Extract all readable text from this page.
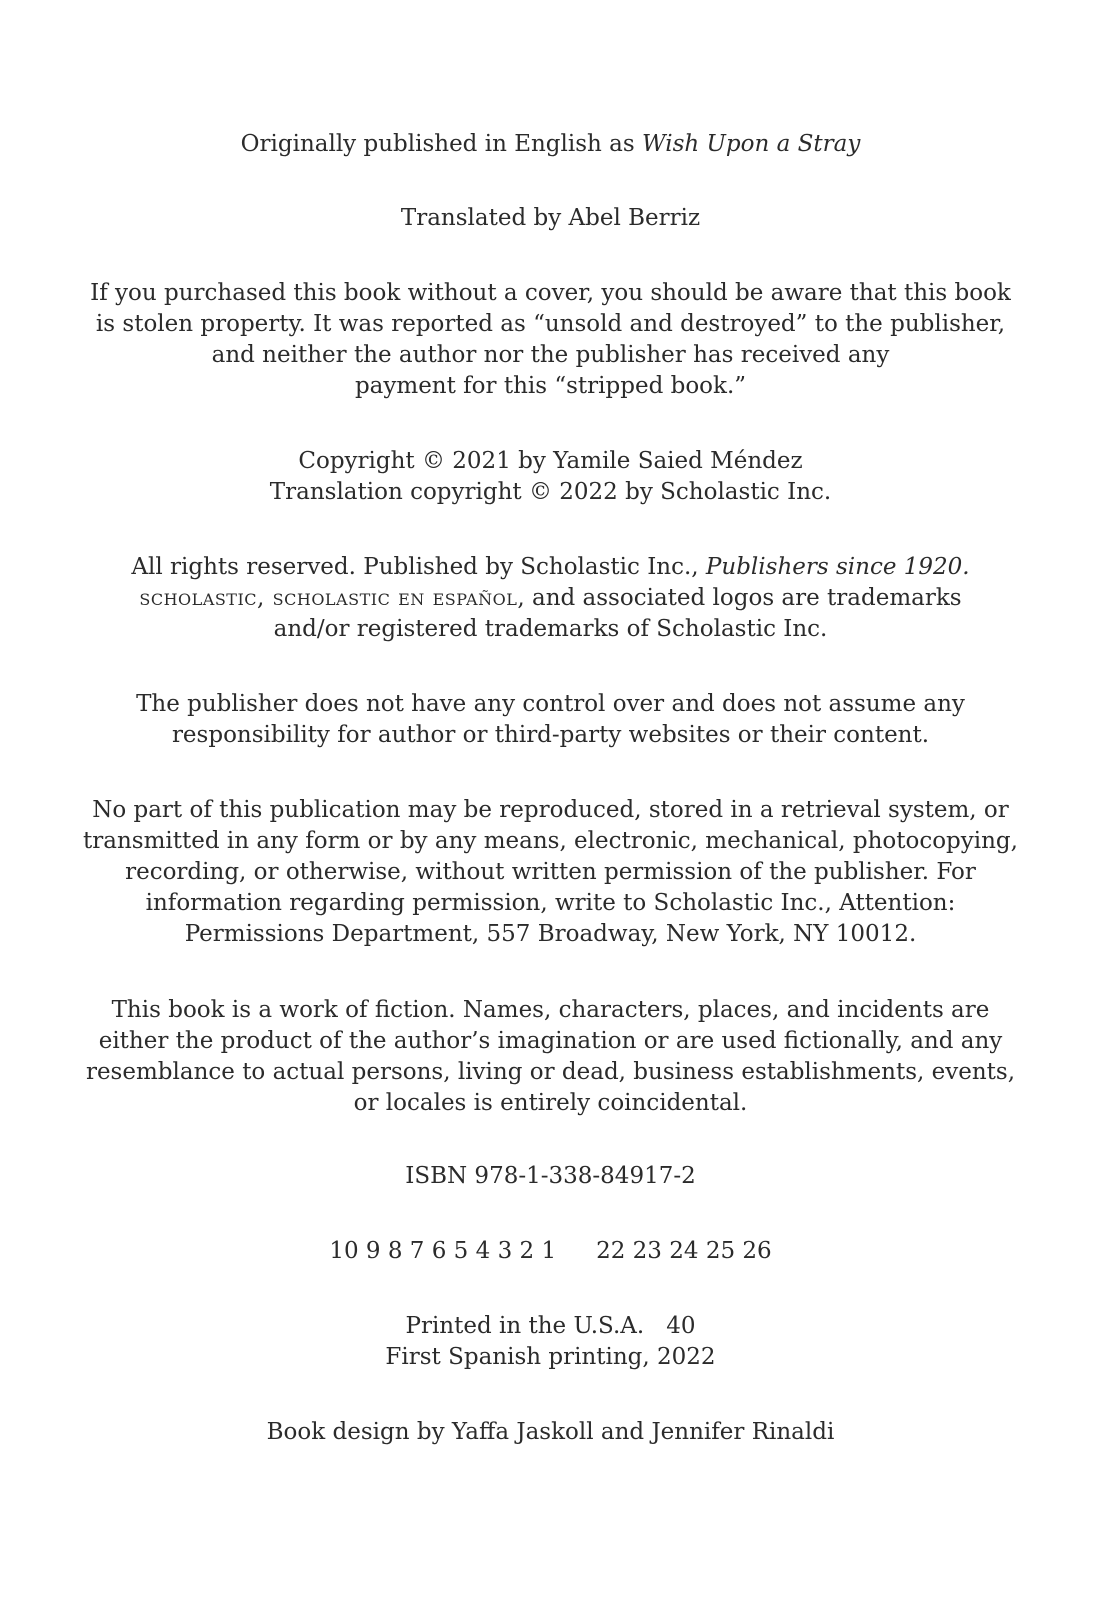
Originally published in English as Wish Upon a Stray
Translated by Abel Berriz
If you purchased this book without a cover, you should be aware that this book
is stolen property. It was reported as “unsold and destroyed” to the publisher,
and neither the author nor the publisher has received any
payment for this “stripped book.”
Copyright © 2021 by Yamile Saied Méndez
Translation copyright © 2022 by Scholastic Inc.
All rights reserved. Published by Scholastic Inc., Publishers since 1920.
scholastic, scholastic en español, and associated logos are trademarks
and/or registered trademarks of Scholastic Inc.
The publisher does not have any control over and does not assume any
responsibility for author or third-party websites or their content.
No part of this publication may be reproduced, stored in a retrieval system, or
transmitted in any form or by any means, electronic, mechanical, photocopying,
recording, or otherwise, without written permission of the publisher. For
information regarding permission, write to Scholastic Inc., Attention:
Permissions Department, 557 Broadway, New York, NY 10012.
This book is a work of fiction. Names, characters, places, and incidents are
either the product of the author’s imagination or are used fictionally, and any
resemblance to actual persons, living or dead, business establishments, events,
or locales is entirely coincidental.
ISBN 978-1-338-84917-2
10 9 8 7 6 5 4 3 2 1 22 23 24 25 26
Printed in the U.S.A. 40
First Spanish printing, 2022
Book design by Yaffa Jaskoll and Jennifer Rinaldi
